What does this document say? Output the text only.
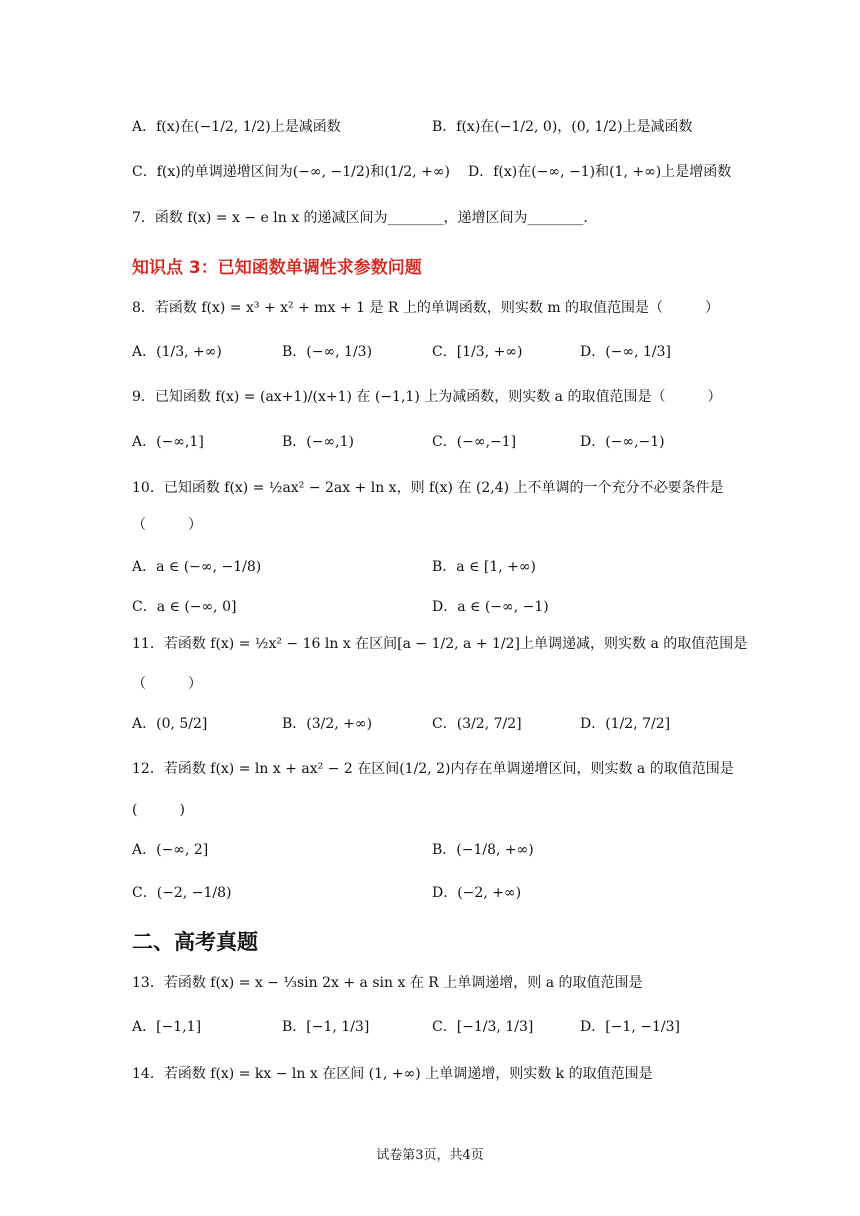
A．f(x)在(−1/2, 1/2)上是减函数	B．f(x)在(−1/2, 0)，(0, 1/2)上是减函数
C．f(x)的单调递增区间为(−∞, −1/2)和(1/2, +∞) D．f(x)在(−∞, −1)和(1, +∞)上是增函数
7．函数 f(x) = x − e ln x 的递减区间为________，递增区间为________．
知识点 3：已知函数单调性求参数问题
8．若函数 f(x) = x³ + x² + mx + 1 是 R 上的单调函数，则实数 m 的取值范围是（　　　）
A．(1/3, +∞)	B．(−∞, 1/3)	C．[1/3, +∞)	D．(−∞, 1/3]
9．已知函数 f(x) = (ax+1)/(x+1) 在 (−1,1) 上为减函数，则实数 a 的取值范围是（　　　）
A．(−∞,1]	B．(−∞,1)	C．(−∞,−1]	D．(−∞,−1)
10．已知函数 f(x) = ½ax² − 2ax + ln x，则 f(x) 在 (2,4) 上不单调的一个充分不必要条件是
（　　　）
A．a ∈ (−∞, −1/8)	B．a ∈ [1, +∞)
C．a ∈ (−∞, 0]	D．a ∈ (−∞, −1)
11．若函数 f(x) = ½x² − 16 ln x 在区间[a − 1/2, a + 1/2]上单调递减，则实数 a 的取值范围是
（　　　）
A．(0, 5/2]	B．(3/2, +∞)	C．(3/2, 7/2]	D．(1/2, 7/2]
12．若函数 f(x) = ln x + ax² − 2 在区间(1/2, 2)内存在单调递增区间，则实数 a 的取值范围是
(　　　)
A．(−∞, 2]	B．(−1/8, +∞)
C．(−2, −1/8)	D．(−2, +∞)
二、高考真题
13．若函数 f(x) = x − ⅓sin 2x + a sin x 在 R 上单调递增，则 a 的取值范围是
A．[−1,1]	B．[−1, 1/3]	C．[−1/3, 1/3]	D．[−1, −1/3]
14．若函数 f(x) = kx − ln x 在区间 (1, +∞) 上单调递增，则实数 k 的取值范围是
试卷第3页，共4页
